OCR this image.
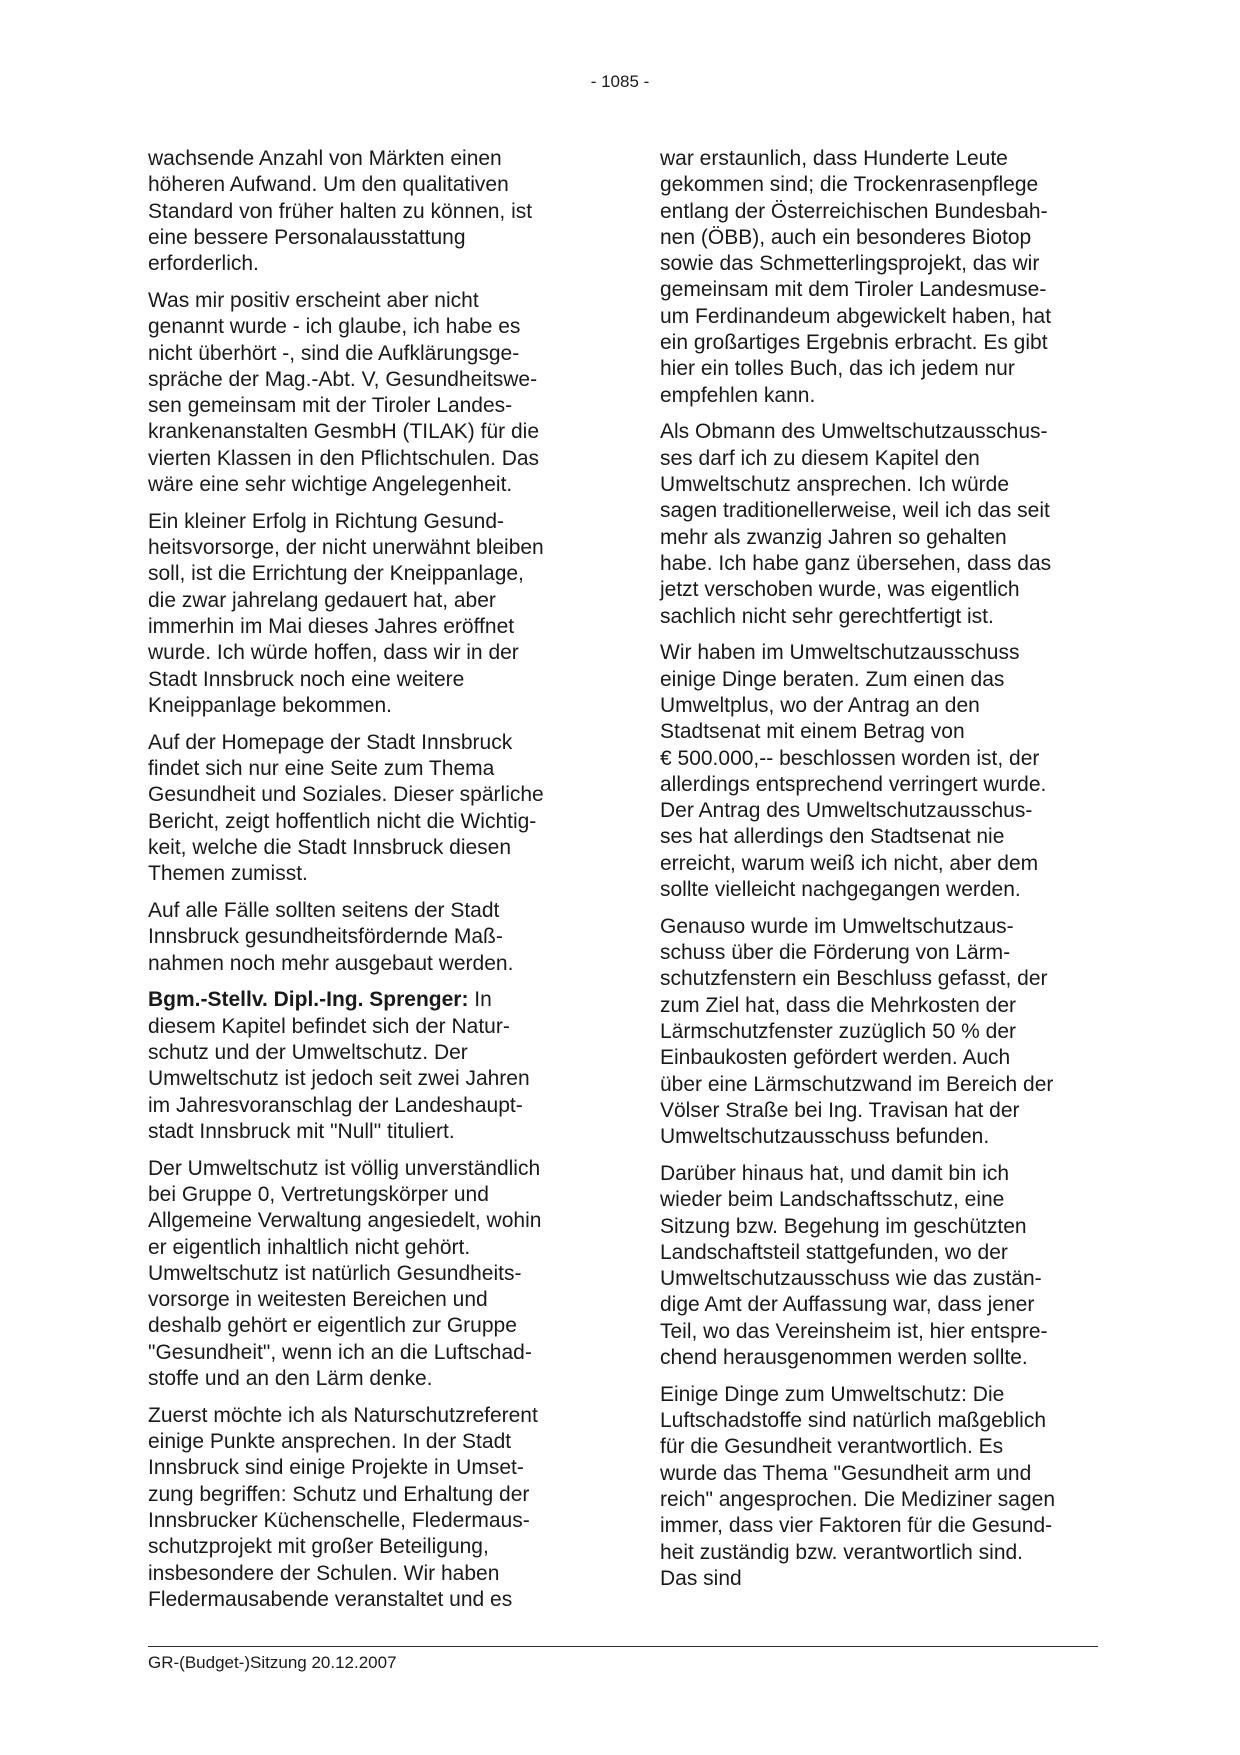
- 1085 -

wachsende Anzahl von Märkten einen
höheren Aufwand. Um den qualitativen
Standard von früher halten zu können, ist
eine bessere Personalausstattung
erforderlich.

Was mir positiv erscheint aber nicht
genannt wurde - ich glaube, ich habe es
nicht überhört -, sind die Aufklärungsge-
spräche der Mag.-Abt. V, Gesundheitswe-
sen gemeinsam mit der Tiroler Landes-
krankenanstalten GesmbH (TILAK) für die
vierten Klassen in den Pflichtschulen. Das
wäre eine sehr wichtige Angelegenheit.

Ein kleiner Erfolg in Richtung Gesund-
heitsvorsorge, der nicht unerwähnt bleiben
soll, ist die Errichtung der Kneippanlage,
die zwar jahrelang gedauert hat, aber
immerhin im Mai dieses Jahres eröffnet
wurde. Ich würde hoffen, dass wir in der
Stadt Innsbruck noch eine weitere
Kneippanlage bekommen.

Auf der Homepage der Stadt Innsbruck
findet sich nur eine Seite zum Thema
Gesundheit und Soziales. Dieser spärliche
Bericht, zeigt hoffentlich nicht die Wichtig-
keit, welche die Stadt Innsbruck diesen
Themen zumisst.

Auf alle Fälle sollten seitens der Stadt
Innsbruck gesundheitsfördernde Maß-
nahmen noch mehr ausgebaut werden.

Bgm.-Stellv. Dipl.-Ing. Sprenger: In
diesem Kapitel befindet sich der Natur-
schutz und der Umweltschutz. Der
Umweltschutz ist jedoch seit zwei Jahren
im Jahresvoranschlag der Landeshaupt-
stadt Innsbruck mit "Null" tituliert.

Der Umweltschutz ist völlig unverständlich
bei Gruppe 0, Vertretungskörper und
Allgemeine Verwaltung angesiedelt, wohin
er eigentlich inhaltlich nicht gehört.
Umweltschutz ist natürlich Gesundheits-
vorsorge in weitesten Bereichen und
deshalb gehört er eigentlich zur Gruppe
"Gesundheit", wenn ich an die Luftschad-
stoffe und an den Lärm denke.

Zuerst möchte ich als Naturschutzreferent
einige Punkte ansprechen. In der Stadt
Innsbruck sind einige Projekte in Umset-
zung begriffen: Schutz und Erhaltung der
Innsbrucker Küchenschelle, Fledermaus-
schutzprojekt mit großer Beteiligung,
insbesondere der Schulen. Wir haben
Fledermausabende veranstaltet und es

war erstaunlich, dass Hunderte Leute
gekommen sind; die Trockenrasenpflege
entlang der Österreichischen Bundesbah-
nen (ÖBB), auch ein besonderes Biotop
sowie das Schmetterlingsprojekt, das wir
gemeinsam mit dem Tiroler Landesmuse-
um Ferdinandeum abgewickelt haben, hat
ein großartiges Ergebnis erbracht. Es gibt
hier ein tolles Buch, das ich jedem nur
empfehlen kann.

Als Obmann des Umweltschutzausschus-
ses darf ich zu diesem Kapitel den
Umweltschutz ansprechen. Ich würde
sagen traditionellerweise, weil ich das seit
mehr als zwanzig Jahren so gehalten
habe. Ich habe ganz übersehen, dass das
jetzt verschoben wurde, was eigentlich
sachlich nicht sehr gerechtfertigt ist.

Wir haben im Umweltschutzausschuss
einige Dinge beraten. Zum einen das
Umweltplus, wo der Antrag an den
Stadtsenat mit einem Betrag von
€ 500.000,-- beschlossen worden ist, der
allerdings entsprechend verringert wurde.
Der Antrag des Umweltschutzausschus-
ses hat allerdings den Stadtsenat nie
erreicht, warum weiß ich nicht, aber dem
sollte vielleicht nachgegangen werden.

Genauso wurde im Umweltschutzaus-
schuss über die Förderung von Lärm-
schutzfenstern ein Beschluss gefasst, der
zum Ziel hat, dass die Mehrkosten der
Lärmschutzfenster zuzüglich 50 % der
Einbaukosten gefördert werden. Auch
über eine Lärmschutzwand im Bereich der
Völser Straße bei Ing. Travisan hat der
Umweltschutzausschuss befunden.

Darüber hinaus hat, und damit bin ich
wieder beim Landschaftsschutz, eine
Sitzung bzw. Begehung im geschützten
Landschaftsteil stattgefunden, wo der
Umweltschutzausschuss wie das zustän-
dige Amt der Auffassung war, dass jener
Teil, wo das Vereinsheim ist, hier entspre-
chend herausgenommen werden sollte.

Einige Dinge zum Umweltschutz: Die
Luftschadstoffe sind natürlich maßgeblich
für die Gesundheit verantwortlich. Es
wurde das Thema "Gesundheit arm und
reich" angesprochen. Die Mediziner sagen
immer, dass vier Faktoren für die Gesund-
heit zuständig bzw. verantwortlich sind.
Das sind

GR-(Budget-)Sitzung 20.12.2007
